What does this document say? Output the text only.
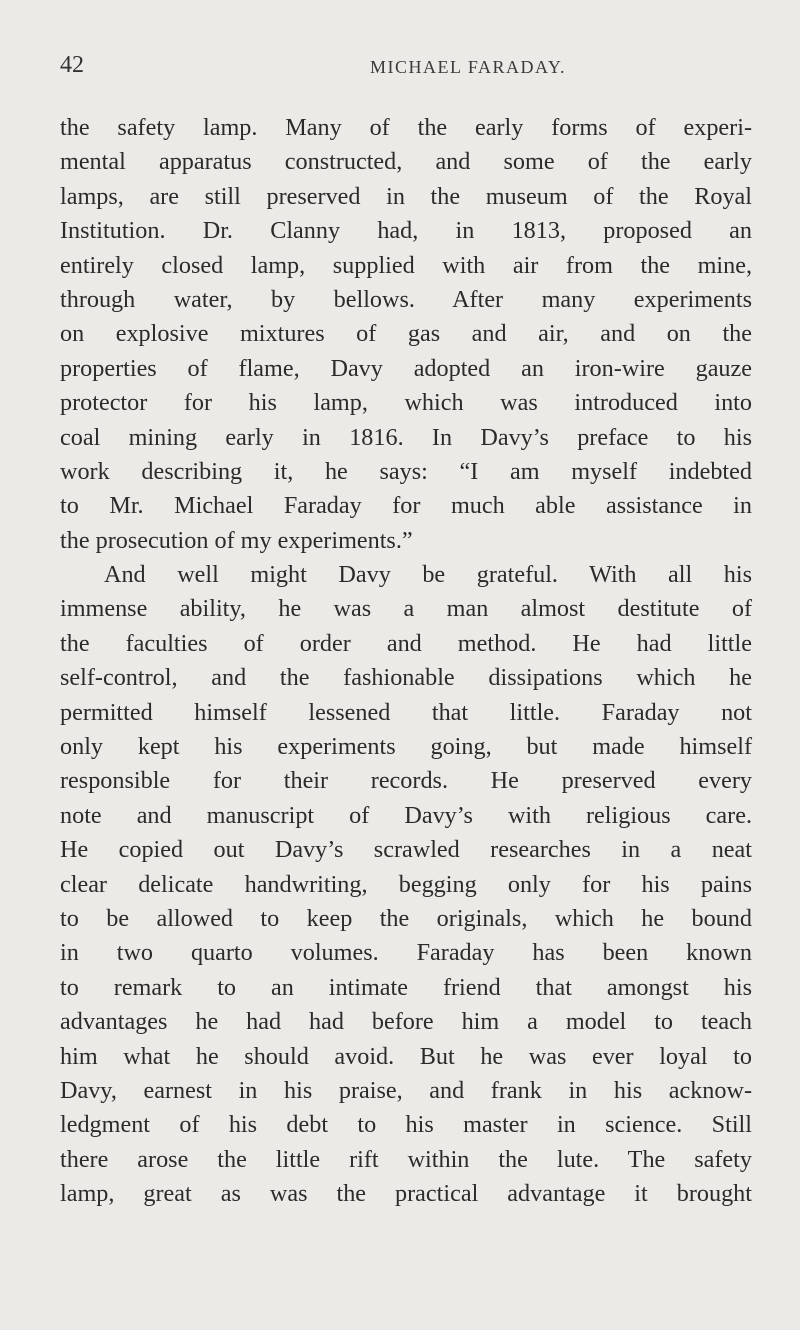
42	MICHAEL FARADAY.
the safety lamp. Many of the early forms of experi-
mental apparatus constructed, and some of the early
lamps, are still preserved in the museum of the Royal
Institution. Dr. Clanny had, in 1813, proposed an
entirely closed lamp, supplied with air from the mine,
through water, by bellows. After many experiments
on explosive mixtures of gas and air, and on the
properties of flame, Davy adopted an iron-wire gauze
protector for his lamp, which was introduced into
coal mining early in 1816. In Davy’s preface to his
work describing it, he says: “I am myself indebted
to Mr. Michael Faraday for much able assistance in
the prosecution of my experiments.”
And well might Davy be grateful. With all his
immense ability, he was a man almost destitute of
the faculties of order and method. He had little
self-control, and the fashionable dissipations which he
permitted himself lessened that little. Faraday not
only kept his experiments going, but made himself
responsible for their records. He preserved every
note and manuscript of Davy’s with religious care.
He copied out Davy’s scrawled researches in a neat
clear delicate handwriting, begging only for his pains
to be allowed to keep the originals, which he bound
in two quarto volumes. Faraday has been known
to remark to an intimate friend that amongst his
advantages he had had before him a model to teach
him what he should avoid. But he was ever loyal to
Davy, earnest in his praise, and frank in his acknow-
ledgment of his debt to his master in science. Still
there arose the little rift within the lute. The safety
lamp, great as was the practical advantage it brought
